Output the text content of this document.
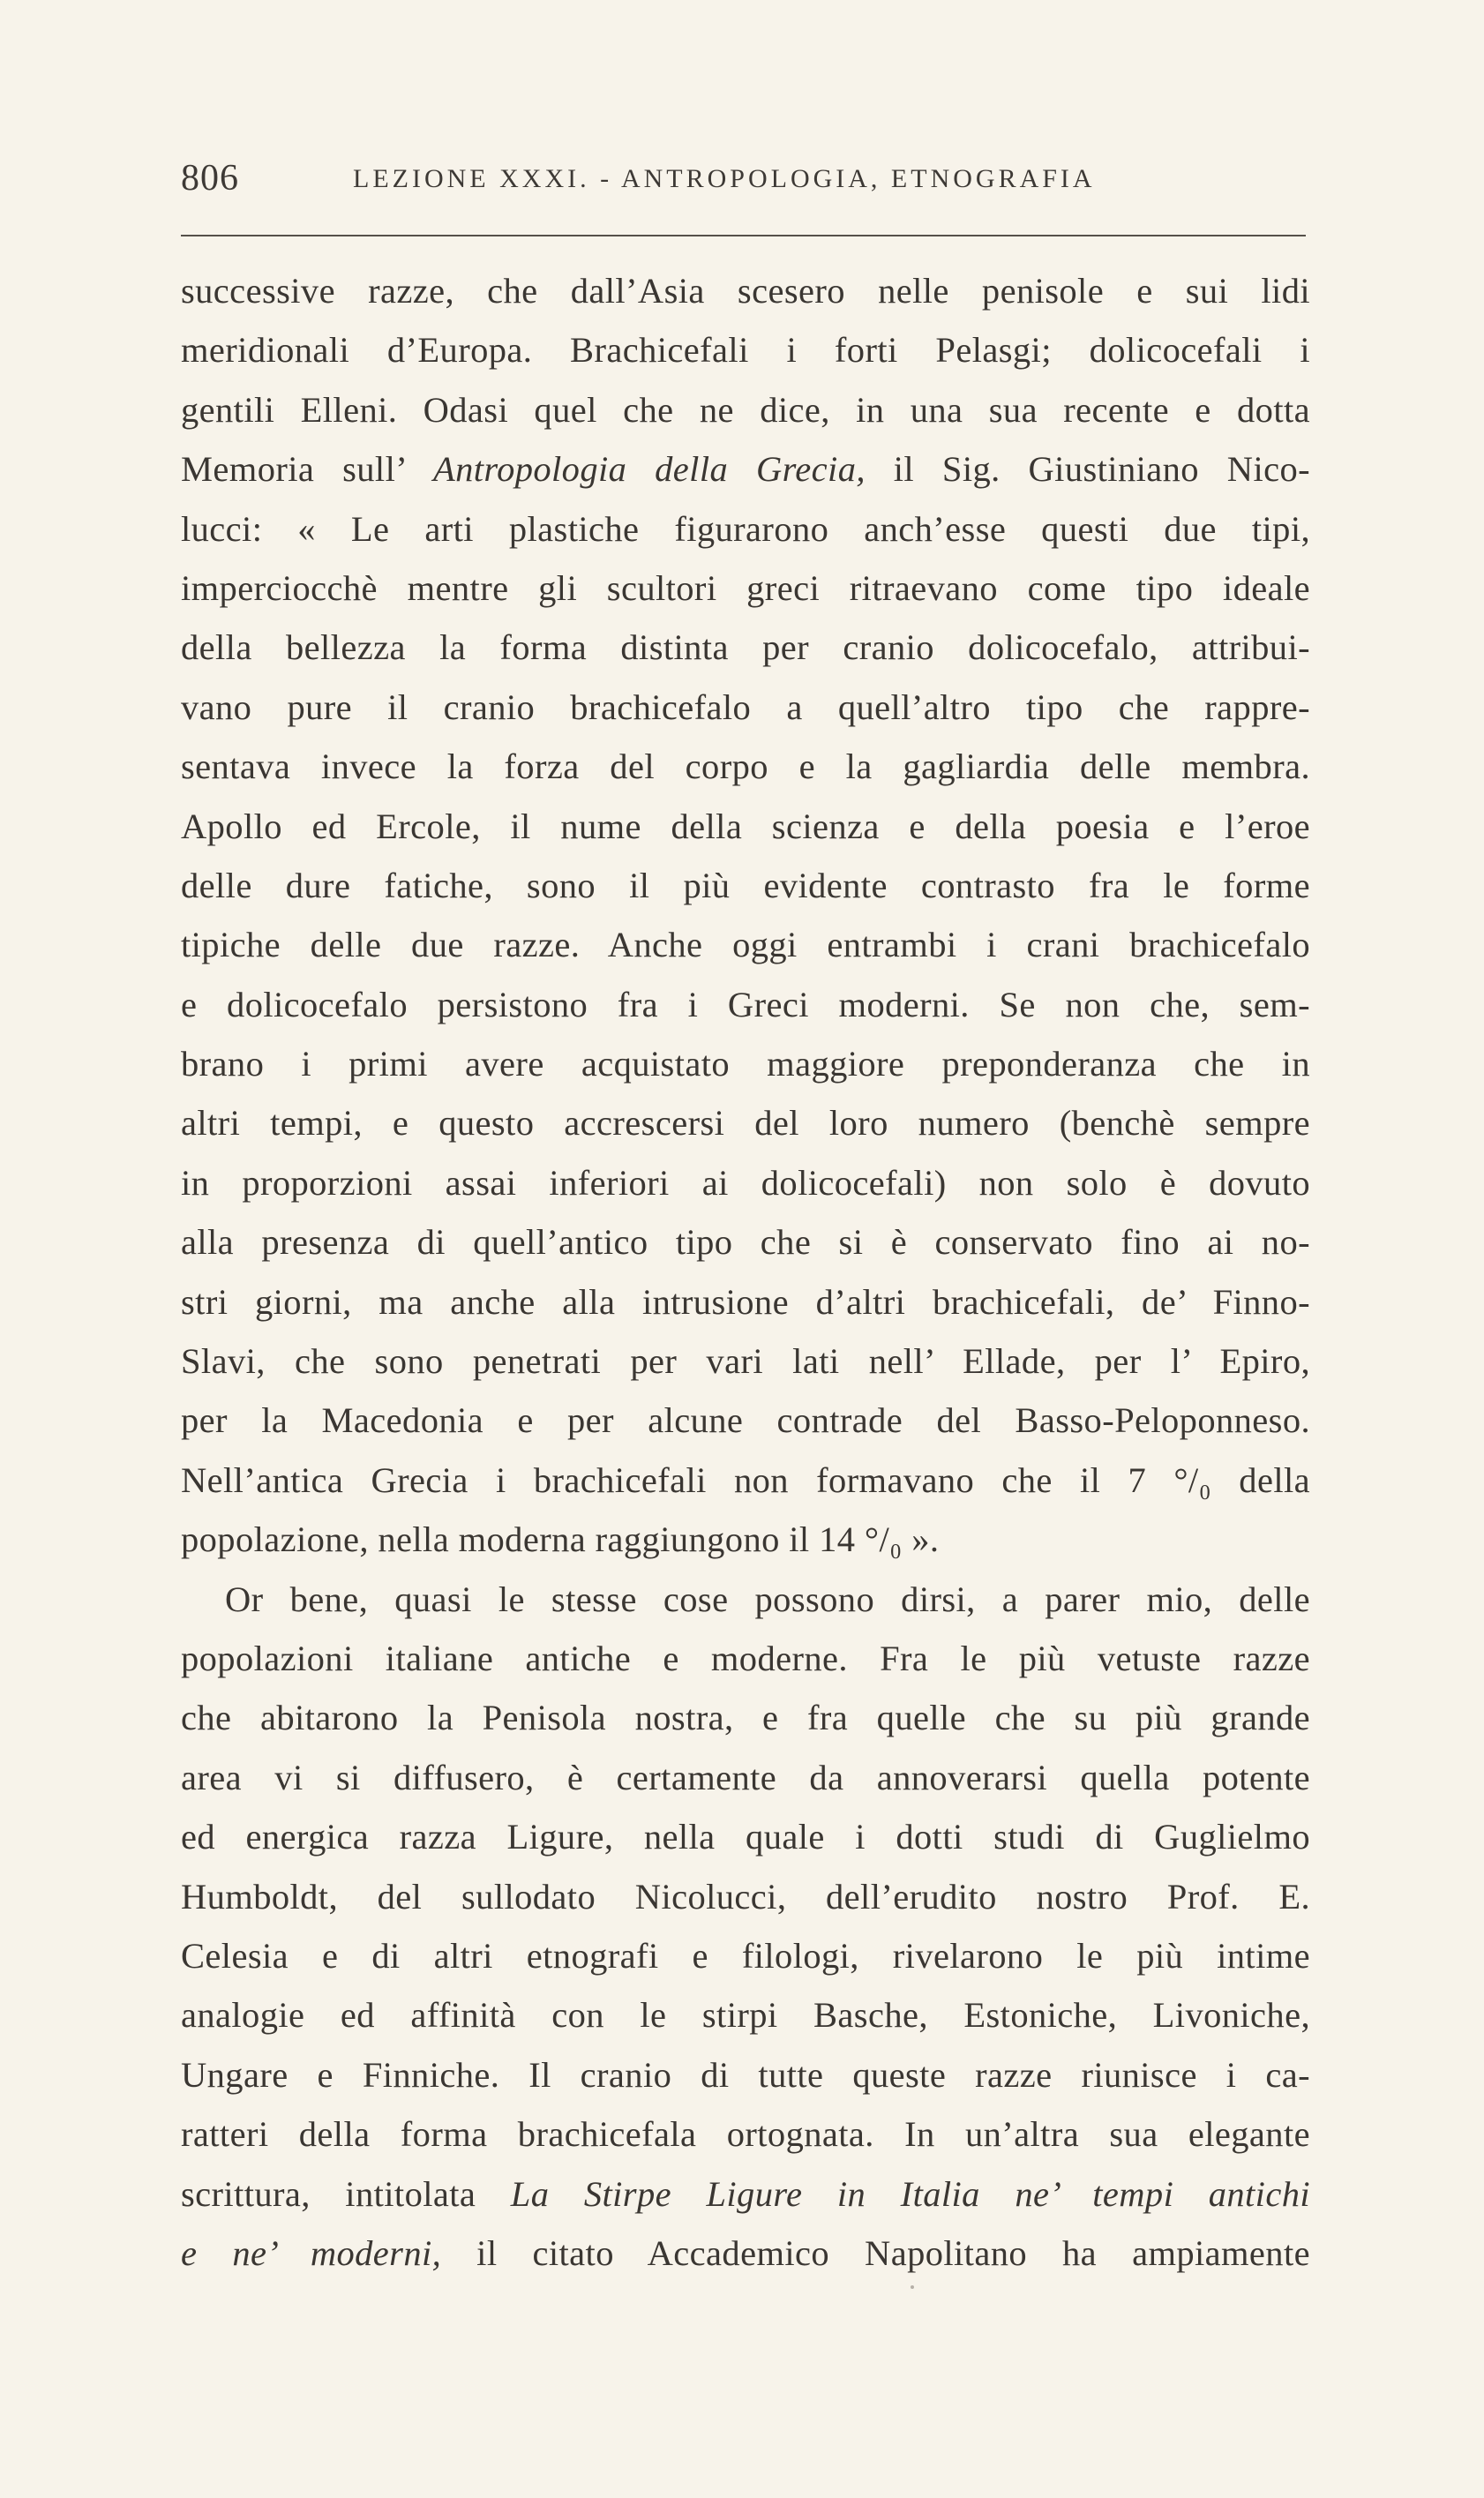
806	LEZIONE XXXI. - ANTROPOLOGIA, ETNOGRAFIA
successive razze, che dall’Asia scesero nelle penisole e sui lidi
meridionali d’Europa. Brachicefali i forti Pelasgi; dolicocefali i
gentili Elleni. Odasi quel che ne dice, in una sua recente e dotta
Memoria sull’ Antropologia della Grecia, il Sig. Giustiniano Nico-
lucci: « Le arti plastiche figurarono anch’esse questi due tipi,
imperciocchè mentre gli scultori greci ritraevano come tipo ideale
della bellezza la forma distinta per cranio dolicocefalo, attribui-
vano pure il cranio brachicefalo a quell’altro tipo che rappre-
sentava invece la forza del corpo e la gagliardia delle membra.
Apollo ed Ercole, il nume della scienza e della poesia e l’eroe
delle dure fatiche, sono il più evidente contrasto fra le forme
tipiche delle due razze. Anche oggi entrambi i crani brachicefalo
e dolicocefalo persistono fra i Greci moderni. Se non che, sem-
brano i primi avere acquistato maggiore preponderanza che in
altri tempi, e questo accrescersi del loro numero (benchè sempre
in proporzioni assai inferiori ai dolicocefali) non solo è dovuto
alla presenza di quell’antico tipo che si è conservato fino ai no-
stri giorni, ma anche alla intrusione d’altri brachicefali, de’ Finno-
Slavi, che sono penetrati per vari lati nell’ Ellade, per l’ Epiro,
per la Macedonia e per alcune contrade del Basso-Peloponneso.
Nell’antica Grecia i brachicefali non formavano che il 7 °/₀ della
popolazione, nella moderna raggiungono il 14 °/₀ ».
Or bene, quasi le stesse cose possono dirsi, a parer mio, delle
popolazioni italiane antiche e moderne. Fra le più vetuste razze
che abitarono la Penisola nostra, e fra quelle che su più grande
area vi si diffusero, è certamente da annoverarsi quella potente
ed energica razza Ligure, nella quale i dotti studi di Guglielmo
Humboldt, del sullodato Nicolucci, dell’erudito nostro Prof. E.
Celesia e di altri etnografi e filologi, rivelarono le più intime
analogie ed affinità con le stirpi Basche, Estoniche, Livoniche,
Ungare e Finniche. Il cranio di tutte queste razze riunisce i ca-
ratteri della forma brachicefala ortognata. In un’altra sua elegante
scrittura, intitolata La Stirpe Ligure in Italia ne’ tempi antichi
e ne’ moderni, il citato Accademico Napolitano ha ampiamente
